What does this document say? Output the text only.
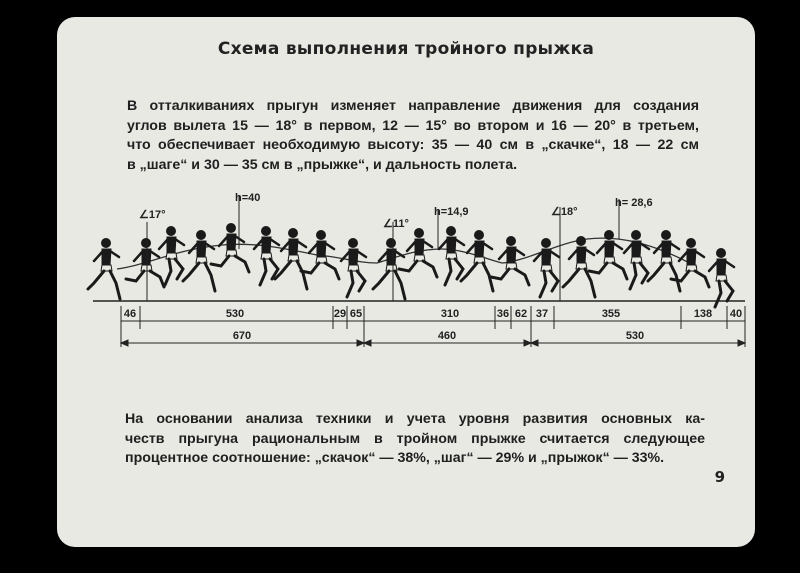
Схема выполнения тройного прыжка
В отталкиваниях прыгун изменяет направление движения для создания
углов вылета 15 — 18° в первом, 12 — 15° во втором и 16 — 20° в третьем,
что обеспечивает необходимую высоту: 35 — 40 см в „скачке“, 18 — 22 см
в „шаге“ и 30 — 35 см в „прыжке“, и дальность полета.
∠17°
∠11°
∠18°
h=40
h=14,9
h= 28,6
46	530	29 65	310	36 62 37	355	138 40
670	460	530
На основании анализа техники и учета уровня развития основных ка-
честв прыгуна рациональным в тройном прыжке считается следующее
процентное соотношение: „скачок“ — 38%, „шаг“ — 29% и „прыжок“ — 33%.
9
